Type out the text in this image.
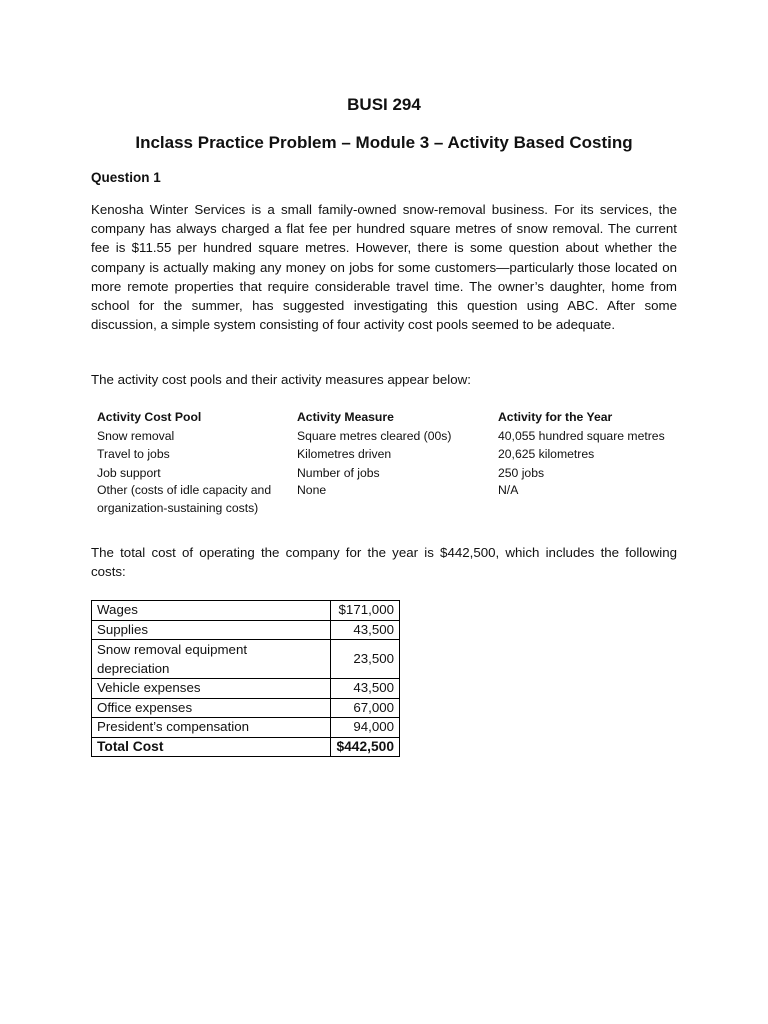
BUSI 294
Inclass Practice Problem – Module 3 – Activity Based Costing
Question 1

Kenosha Winter Services is a small family-owned snow-removal business. For its services, the company has always charged a flat fee per hundred square metres of snow removal. The current fee is $11.55 per hundred square metres. However, there is some question about whether the company is actually making any money on jobs for some customers—particularly those located on more remote properties that require considerable travel time. The owner’s daughter, home from school for the summer, has suggested investigating this question using ABC. After some discussion, a simple system consisting of four activity cost pools seemed to be adequate.

The activity cost pools and their activity measures appear below:

Activity Cost Pool	Activity Measure	Activity for the Year
Snow removal	Square metres cleared (00s)	40,055 hundred square metres
Travel to jobs	Kilometres driven	20,625 kilometres
Job support	Number of jobs	250 jobs
Other (costs of idle capacity and
organization-sustaining costs)
None	N/A

The total cost of operating the company for the year is $442,500, which includes the following costs:

Wages	$171,000
Supplies	43,500

Snow removal equipment
depreciation	23,500
Vehicle expenses	43,500
Office expenses	67,000
President’s compensation	94,000
Total Cost	$442,500
